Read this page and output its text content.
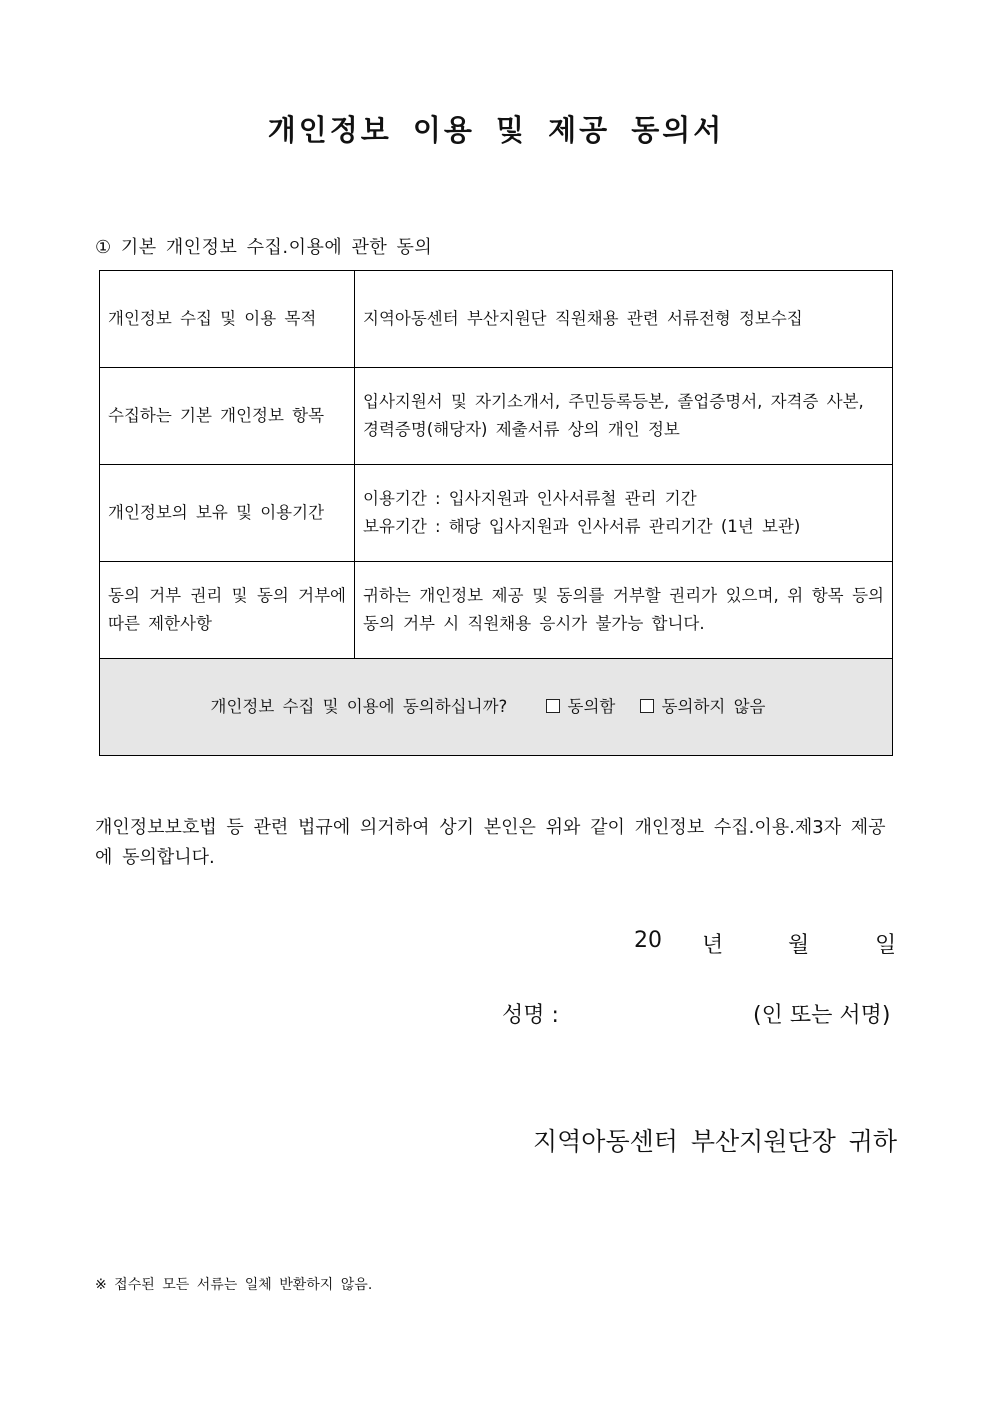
개인정보 이용 및 제공 동의서
① 기본 개인정보 수집.이용에 관한 동의
개인정보 수집 및 이용 목적	지역아동센터 부산지원단 직원채용 관련 서류전형 정보수집

수집하는 기본 개인정보 항목	입사지원서 및 자기소개서, 주민등록등본, 졸업증명서, 자격증 사본,
경력증명(해당자) 제출서류 상의 개인 정보

개인정보의 보유 및 이용기간	이용기간 : 입사지원과 인사서류철 관리 기간
보유기간 : 해당 입사지원과 인사서류 관리기간 (1년 보관)

동의 거부 권리 및 동의 거부에 따른 제한사항	귀하는 개인정보 제공 및 동의를 거부할 권리가 있으며, 위 항목 등의 동의 거부 시 직원채용 응시가 불가능 합니다.

개인정보 수집 및 이용에 동의하십니까? 동의함 동의하지 않음	
개인정보보호법 등 관련 법규에 의거하여 상기 본인은 위와 같이 개인정보 수집.이용.제3자 제공에 동의합니다.
20 년	월	일
성명 :	(인 또는 서명)
지역아동센터 부산지원단장 귀하
※ 접수된 모든 서류는 일체 반환하지 않음.
